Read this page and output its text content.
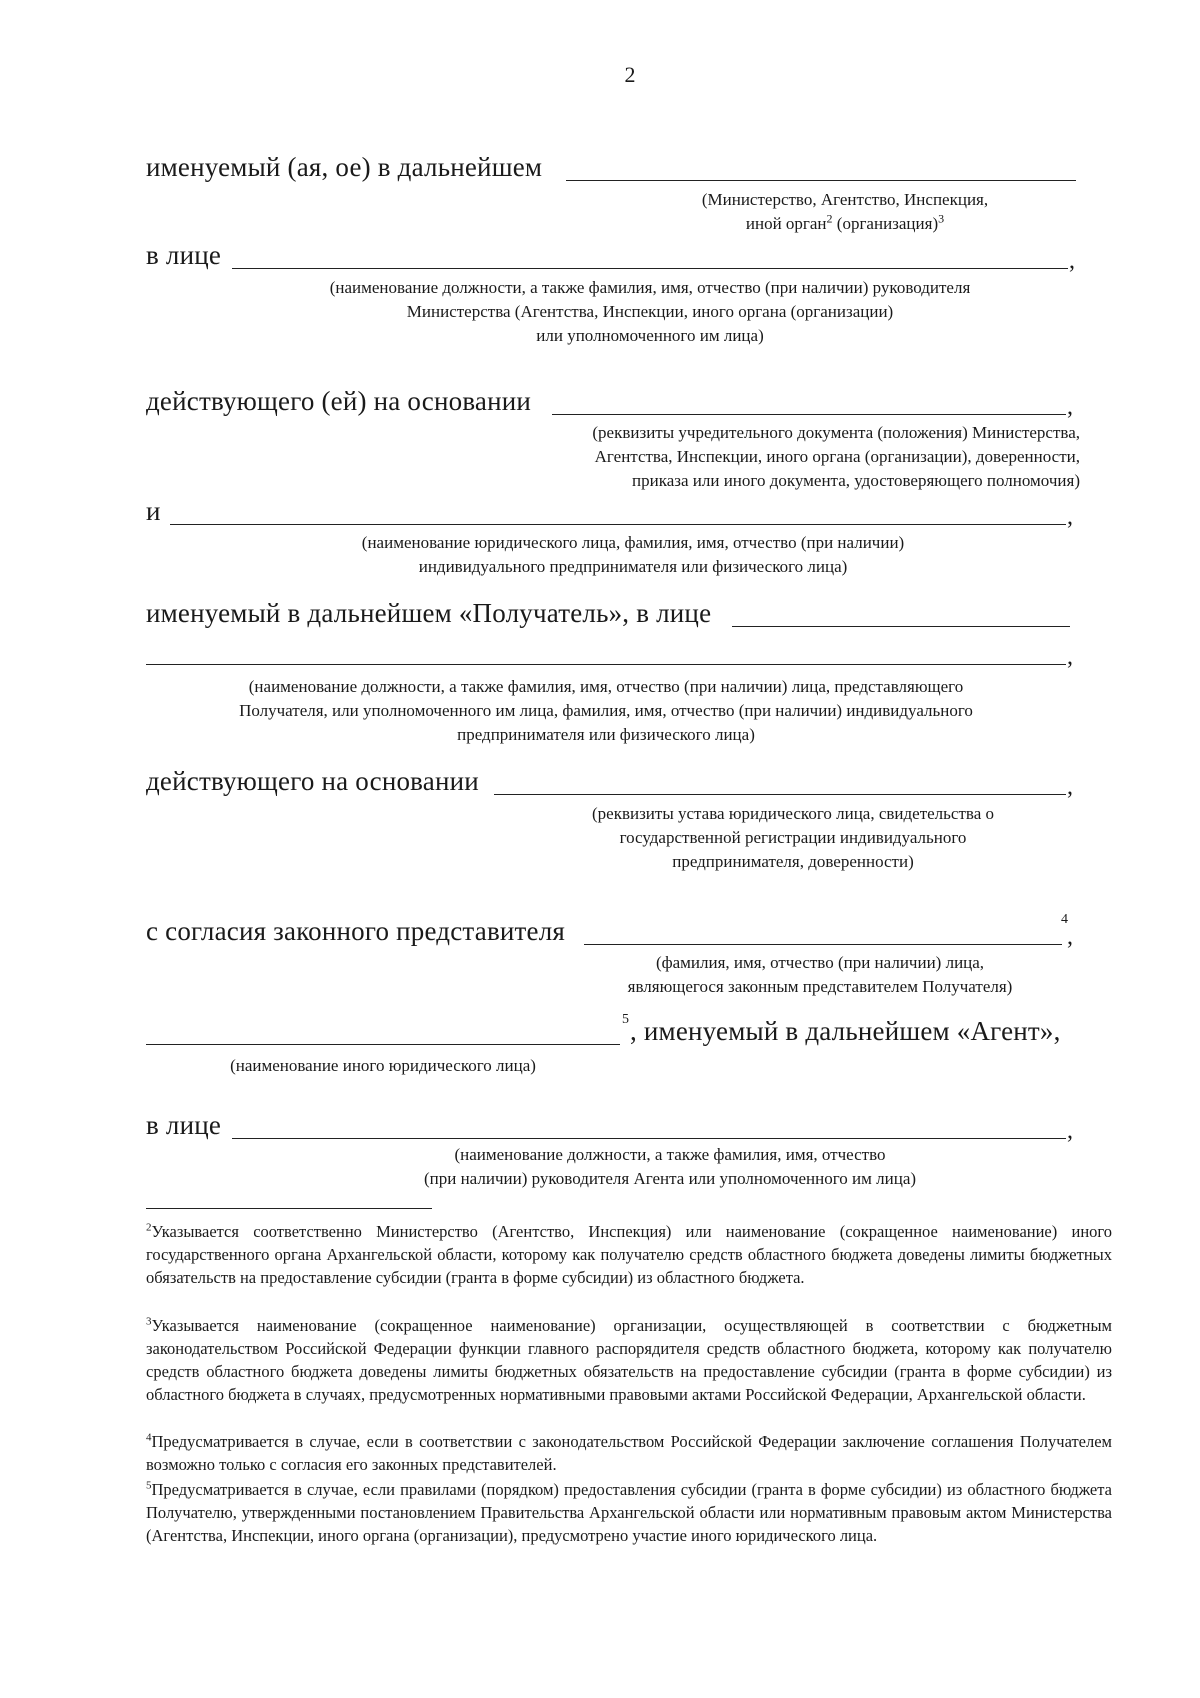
2
именуемый (ая, ое) в дальнейшем
(Министерство, Агентство, Инспекция,
иной орган$^2$ (организация)$^3$
в лице	,
(наименование должности, а также фамилия, имя, отчество (при наличии) руководителя
Министерства (Агентства, Инспекции, иного органа (организации)
или уполномоченного им лица)
действующего (ей) на основании	,
(реквизиты учредительного документа (положения) Министерства,
Агентства, Инспекции, иного органа (организации), доверенности,
приказа или иного документа, удостоверяющего полномочия)
и	,
(наименование юридического лица, фамилия, имя, отчество (при наличии)
индивидуального предпринимателя или физического лица)
именуемый в дальнейшем «Получатель», в лице
,
(наименование должности, а также фамилия, имя, отчество (при наличии) лица, представляющего
Получателя, или уполномоченного им лица, фамилия, имя, отчество (при наличии) индивидуального
предпринимателя или физического лица)
действующего на основании	,
(реквизиты устава юридического лица, свидетельства о
государственной регистрации индивидуального
предпринимателя, доверенности)
с согласия законного представителя	4
,
(фамилия, имя, отчество (при наличии) лица,
являющегося законным представителем Получателя)
5 , именуемый в дальнейшем «Агент»,
(наименование иного юридического лица)
в лице	,
(наименование должности, а также фамилия, имя, отчество
(при наличии) руководителя Агента или уполномоченного им лица)
$^2$Указывается соответственно Министерство (Агентство, Инспекция) или наименование (сокращенное наименование) иного государственного органа Архангельской области, которому как получателю средств областного бюджета доведены лимиты бюджетных обязательств на предоставление субсидии (гранта в форме субсидии) из областного бюджета.
$^3$Указывается наименование (сокращенное наименование) организации, осуществляющей в соответствии с бюджетным законодательством Российской Федерации функции главного распорядителя средств областного бюджета, которому как получателю средств областного бюджета доведены лимиты бюджетных обязательств на предоставление субсидии (гранта в форме субсидии) из областного бюджета в случаях, предусмотренных нормативными правовыми актами Российской Федерации, Архангельской области.
$^4$Предусматривается в случае, если в соответствии с законодательством Российской Федерации заключение соглашения Получателем возможно только с согласия его законных представителей.
$^5$Предусматривается в случае, если правилами (порядком) предоставления субсидии (гранта в форме субсидии) из областного бюджета Получателю, утвержденными постановлением Правительства Архангельской области или нормативным правовым актом Министерства (Агентства, Инспекции, иного органа (организации), предусмотрено участие иного юридического лица.
